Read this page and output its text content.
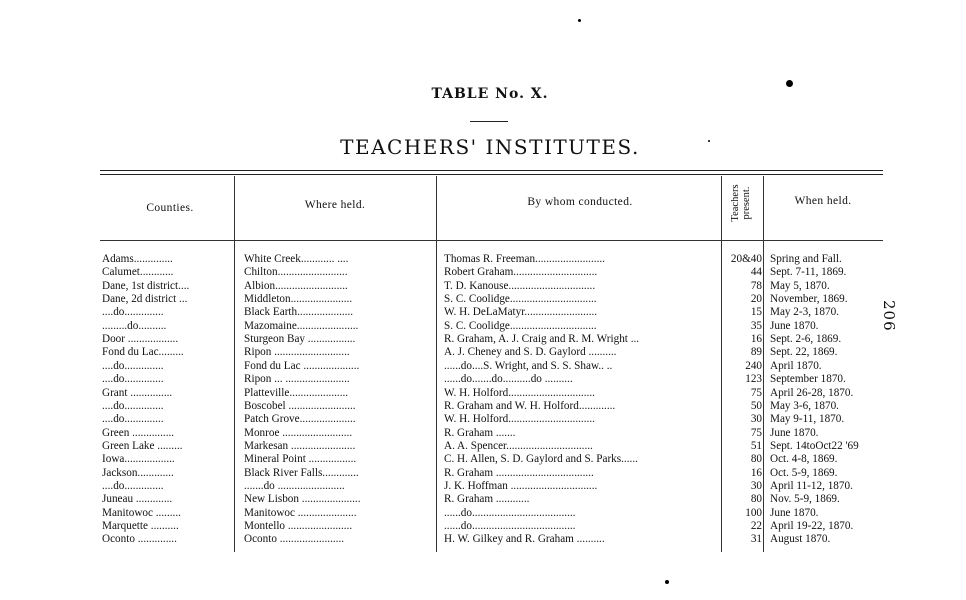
TABLE No. X.
TEACHERS' INSTITUTES.
Counties.	Where held.	By whom conducted.	Teachers present.	When held.
Adams..............	White Creek............ ....	Thomas R. Freeman.........................	20&40 Spring and Fall.
Calumet............	Chilton.........................	Robert Graham..............................	44 Sept. 7-11, 1869.
Dane, 1st district....	Albion..........................	T. D. Kanouse...............................	78 May 5, 1870.
Dane, 2d district ...	Middleton......................	S. C. Coolidge...............................	20 November, 1869.
....do..............	Black Earth....................	W. H. DeLaMatyr..........................	15 May 2-3, 1870.
.........do..........	Mazomaine......................	S. C. Coolidge...............................	35 June 1870.
Door ..................	Sturgeon Bay .................	R. Graham, A. J. Craig and R. M. Wright ...	16 Sept. 2-6, 1869.
Fond du Lac.........	Ripon ...........................	A. J. Cheney and S. D. Gaylord ..........	89 Sept. 22, 1869.
....do..............	Fond du Lac ....................	......do....S. Wright, and S. S. Shaw.. ..	240 April 1870.
....do..............	Ripon ... .......................	......do.......do..........do ..........	123 September 1870.
Grant ...............	Platteville.....................	W. H. Holford...............................	75 April 26-28, 1870.
....do..............	Boscobel ........................	R. Graham and W. H. Holford.............	50 May 3-6, 1870.
....do..............	Patch Grove....................	W. H. Holford...............................	30 May 9-11, 1870.
Green ...............	Monroe .........................	R. Graham .......	75 June 1870.
Green Lake .........	Markesan .......................	A. A. Spencer...............................	51 Sept. 14toOct22 '69
Iowa..................	Mineral Point .................	C. H. Allen, S. D. Gaylord and S. Parks......	80 Oct. 4-8, 1869.
Jackson.............	Black River Falls.............	R. Graham ...................................	16 Oct. 5-9, 1869.
....do..............	.......do ........................	J. K. Hoffman ...............................	30 April 11-12, 1870.
Juneau .............	New Lisbon .....................	R. Graham ............	80 Nov. 5-9, 1869.
Manitowoc .........	Manitowoc .....................	......do.....................................	100 June 1870.
Marquette ..........	Montello .......................	......do.....................................	22 April 19-22, 1870.
Oconto ..............	Oconto .......................	H. W. Gilkey and R. Graham ..........	31 August 1870.
206
